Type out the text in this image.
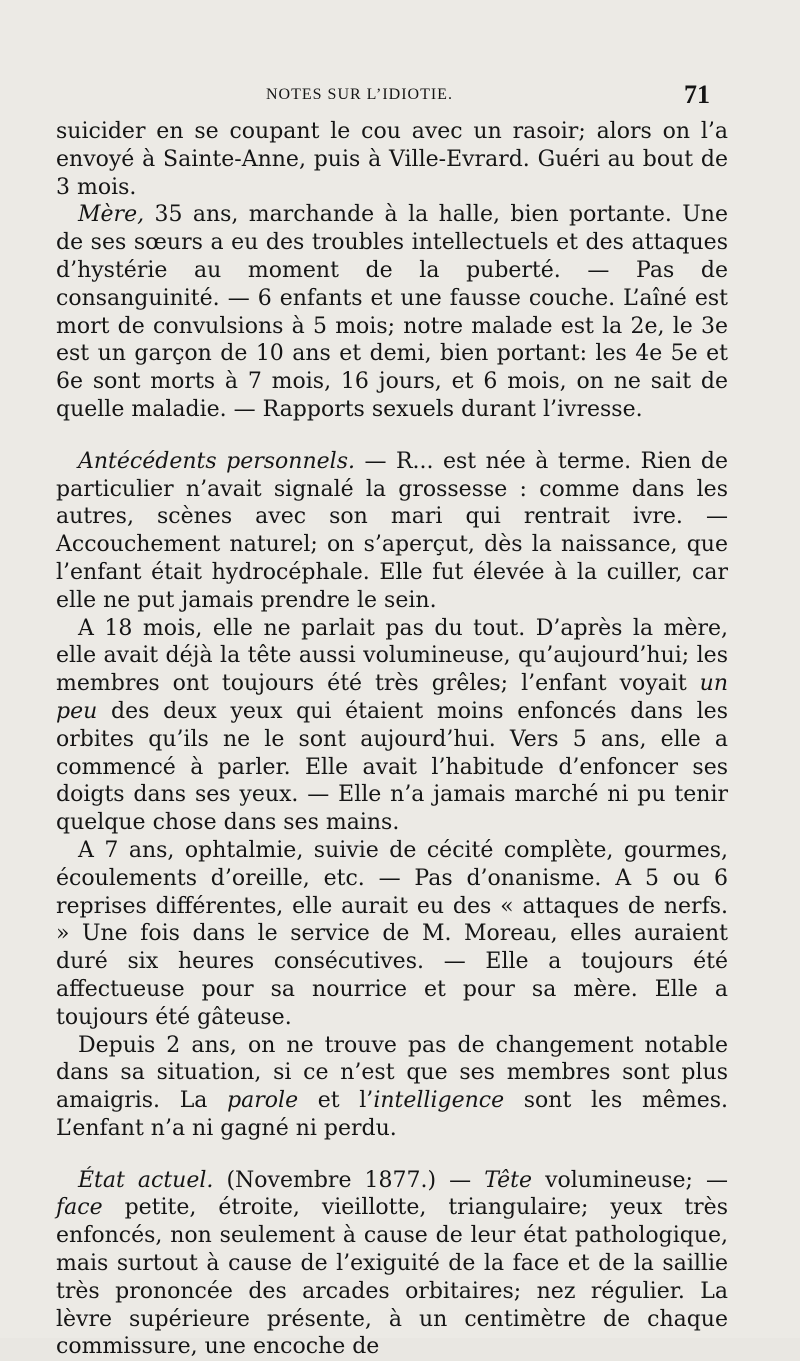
NOTES SUR L’IDIOTIE.	71

suicider en se coupant le cou avec un rasoir; alors on l’a envoyé à Sainte-Anne, puis à Ville-Evrard. Guéri au bout de 3 mois.

Mère, 35 ans, marchande à la halle, bien portante. Une de ses sœurs a eu des troubles intellectuels et des attaques d’hystérie au moment de la puberté. — Pas de consanguinité. — 6 enfants et une fausse couche. L’aîné est mort de convulsions à 5 mois; notre malade est la 2e, le 3e est un garçon de 10 ans et demi, bien portant: les 4e 5e et 6e sont morts à 7 mois, 16 jours, et 6 mois, on ne sait de quelle maladie. — Rapports sexuels durant l’ivresse.

Antécédents personnels. — R... est née à terme. Rien de particulier n’avait signalé la grossesse : comme dans les autres, scènes avec son mari qui rentrait ivre. — Accouchement naturel; on s’aperçut, dès la naissance, que l’enfant était hydrocéphale. Elle fut élevée à la cuiller, car elle ne put jamais prendre le sein.

A 18 mois, elle ne parlait pas du tout. D’après la mère, elle avait déjà la tête aussi volumineuse, qu’aujourd’hui; les membres ont toujours été très grêles; l’enfant voyait un peu des deux yeux qui étaient moins enfoncés dans les orbites qu’ils ne le sont aujourd’hui. Vers 5 ans, elle a commencé à parler. Elle avait l’habitude d’enfoncer ses doigts dans ses yeux. — Elle n’a jamais marché ni pu tenir quelque chose dans ses mains.

A 7 ans, ophtalmie, suivie de cécité complète, gourmes, écoulements d’oreille, etc. — Pas d’onanisme. A 5 ou 6 reprises différentes, elle aurait eu des « attaques de nerfs. » Une fois dans le service de M. Moreau, elles auraient duré six heures consécutives. — Elle a toujours été affectueuse pour sa nourrice et pour sa mère. Elle a toujours été gâteuse.

Depuis 2 ans, on ne trouve pas de changement notable dans sa situation, si ce n’est que ses membres sont plus amaigris. La parole et l’intelligence sont les mêmes. L’enfant n’a ni gagné ni perdu.

État actuel. (Novembre 1877.) — Tête volumineuse; — face petite, étroite, vieillotte, triangulaire; yeux très enfoncés, non seulement à cause de leur état pathologique, mais surtout à cause de l’exiguité de la face et de la saillie très prononcée des arcades orbitaires; nez régulier. La lèvre supérieure présente, à un centimètre de chaque commissure, une encoche de
